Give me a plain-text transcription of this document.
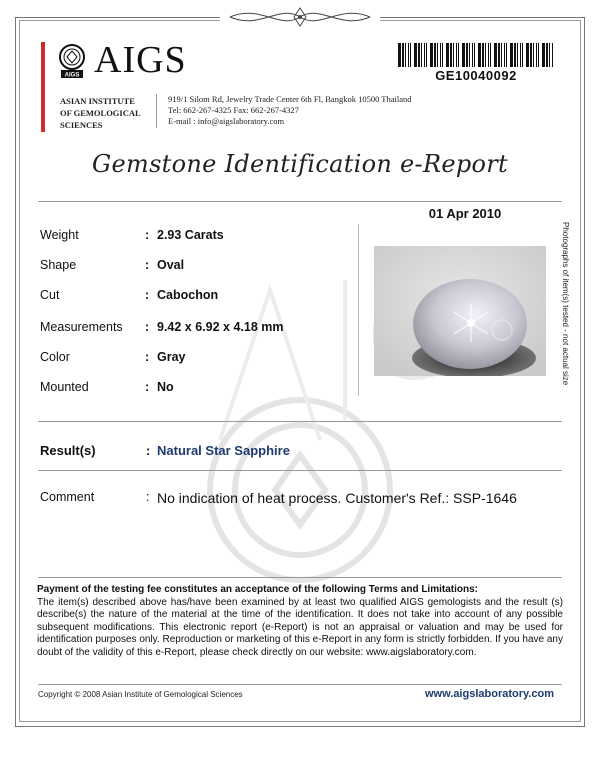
AIGS AIGS
ASIAN INSTITUTE
OF GEMOLOGICAL
SCIENCES
919/1 Silom Rd, Jewelry Trade Center 6th Fl, Bangkok 10500 Thailand
Tel: 662-267-4325 Fax: 662-267-4327
E-mail : info@aigslaboratory.com
GE10040092
Gemstone Identification e-Report
01 Apr 2010
Weight	: 2.93 Carats
Shape	: Oval
Cut	: Cabochon
Measurements : 9.42 x 6.92 x 4.18 mm
Color	: Gray
Mounted	: No
Photographs of item(s) tested - not actual size
Result(s)	: Natural Star Sapphire
Comment	: No indication of heat process. Customer's Ref.: SSP-1646
Payment of the testing fee constitutes an acceptance of the following Terms and Limitations:
The item(s) described above has/have been examined by at least two qualified AIGS gemologists and the result (s) describe(s) the nature of the material at the time of the identification. It does not take into account of any possible subsequent modifications. This electronic report (e-Report) is not an appraisal or valuation and may be used for identification purposes only. Reproduction or marketing of this e-Report in any form is strictly forbidden. If you have any doubt of the validity of this e-Report, please check directly on our website: www.aigslaboratory.com.
Copyright © 2008 Asian Institute of Gemological Sciences	www.aigslaboratory.com
